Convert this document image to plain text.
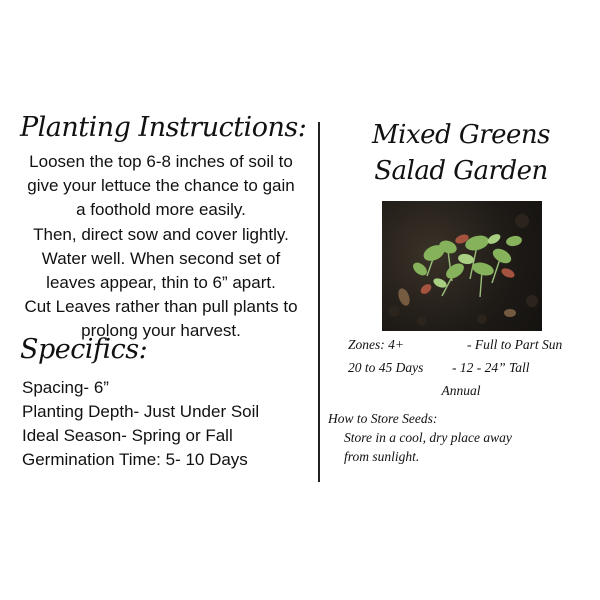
Planting Instructions:
Loosen the top 6-8 inches of soil to
give your lettuce the chance to gain
a foothold more easily.
Then, direct sow and cover lightly.
Water well. When second set of
leaves appear, thin to 6” apart.
Cut Leaves rather than pull plants to
prolong your harvest.
Specifics:
Spacing- 6”
Planting Depth- Just Under Soil
Ideal Season- Spring or Fall
Germination Time: 5- 10 Days
Mixed Greens
Salad Garden
Zones: 4+	- Full to Part Sun
20 to 45 Days - 12 - 24” Tall
Annual
How to Store Seeds:
Store in a cool, dry place away
from sunlight.
